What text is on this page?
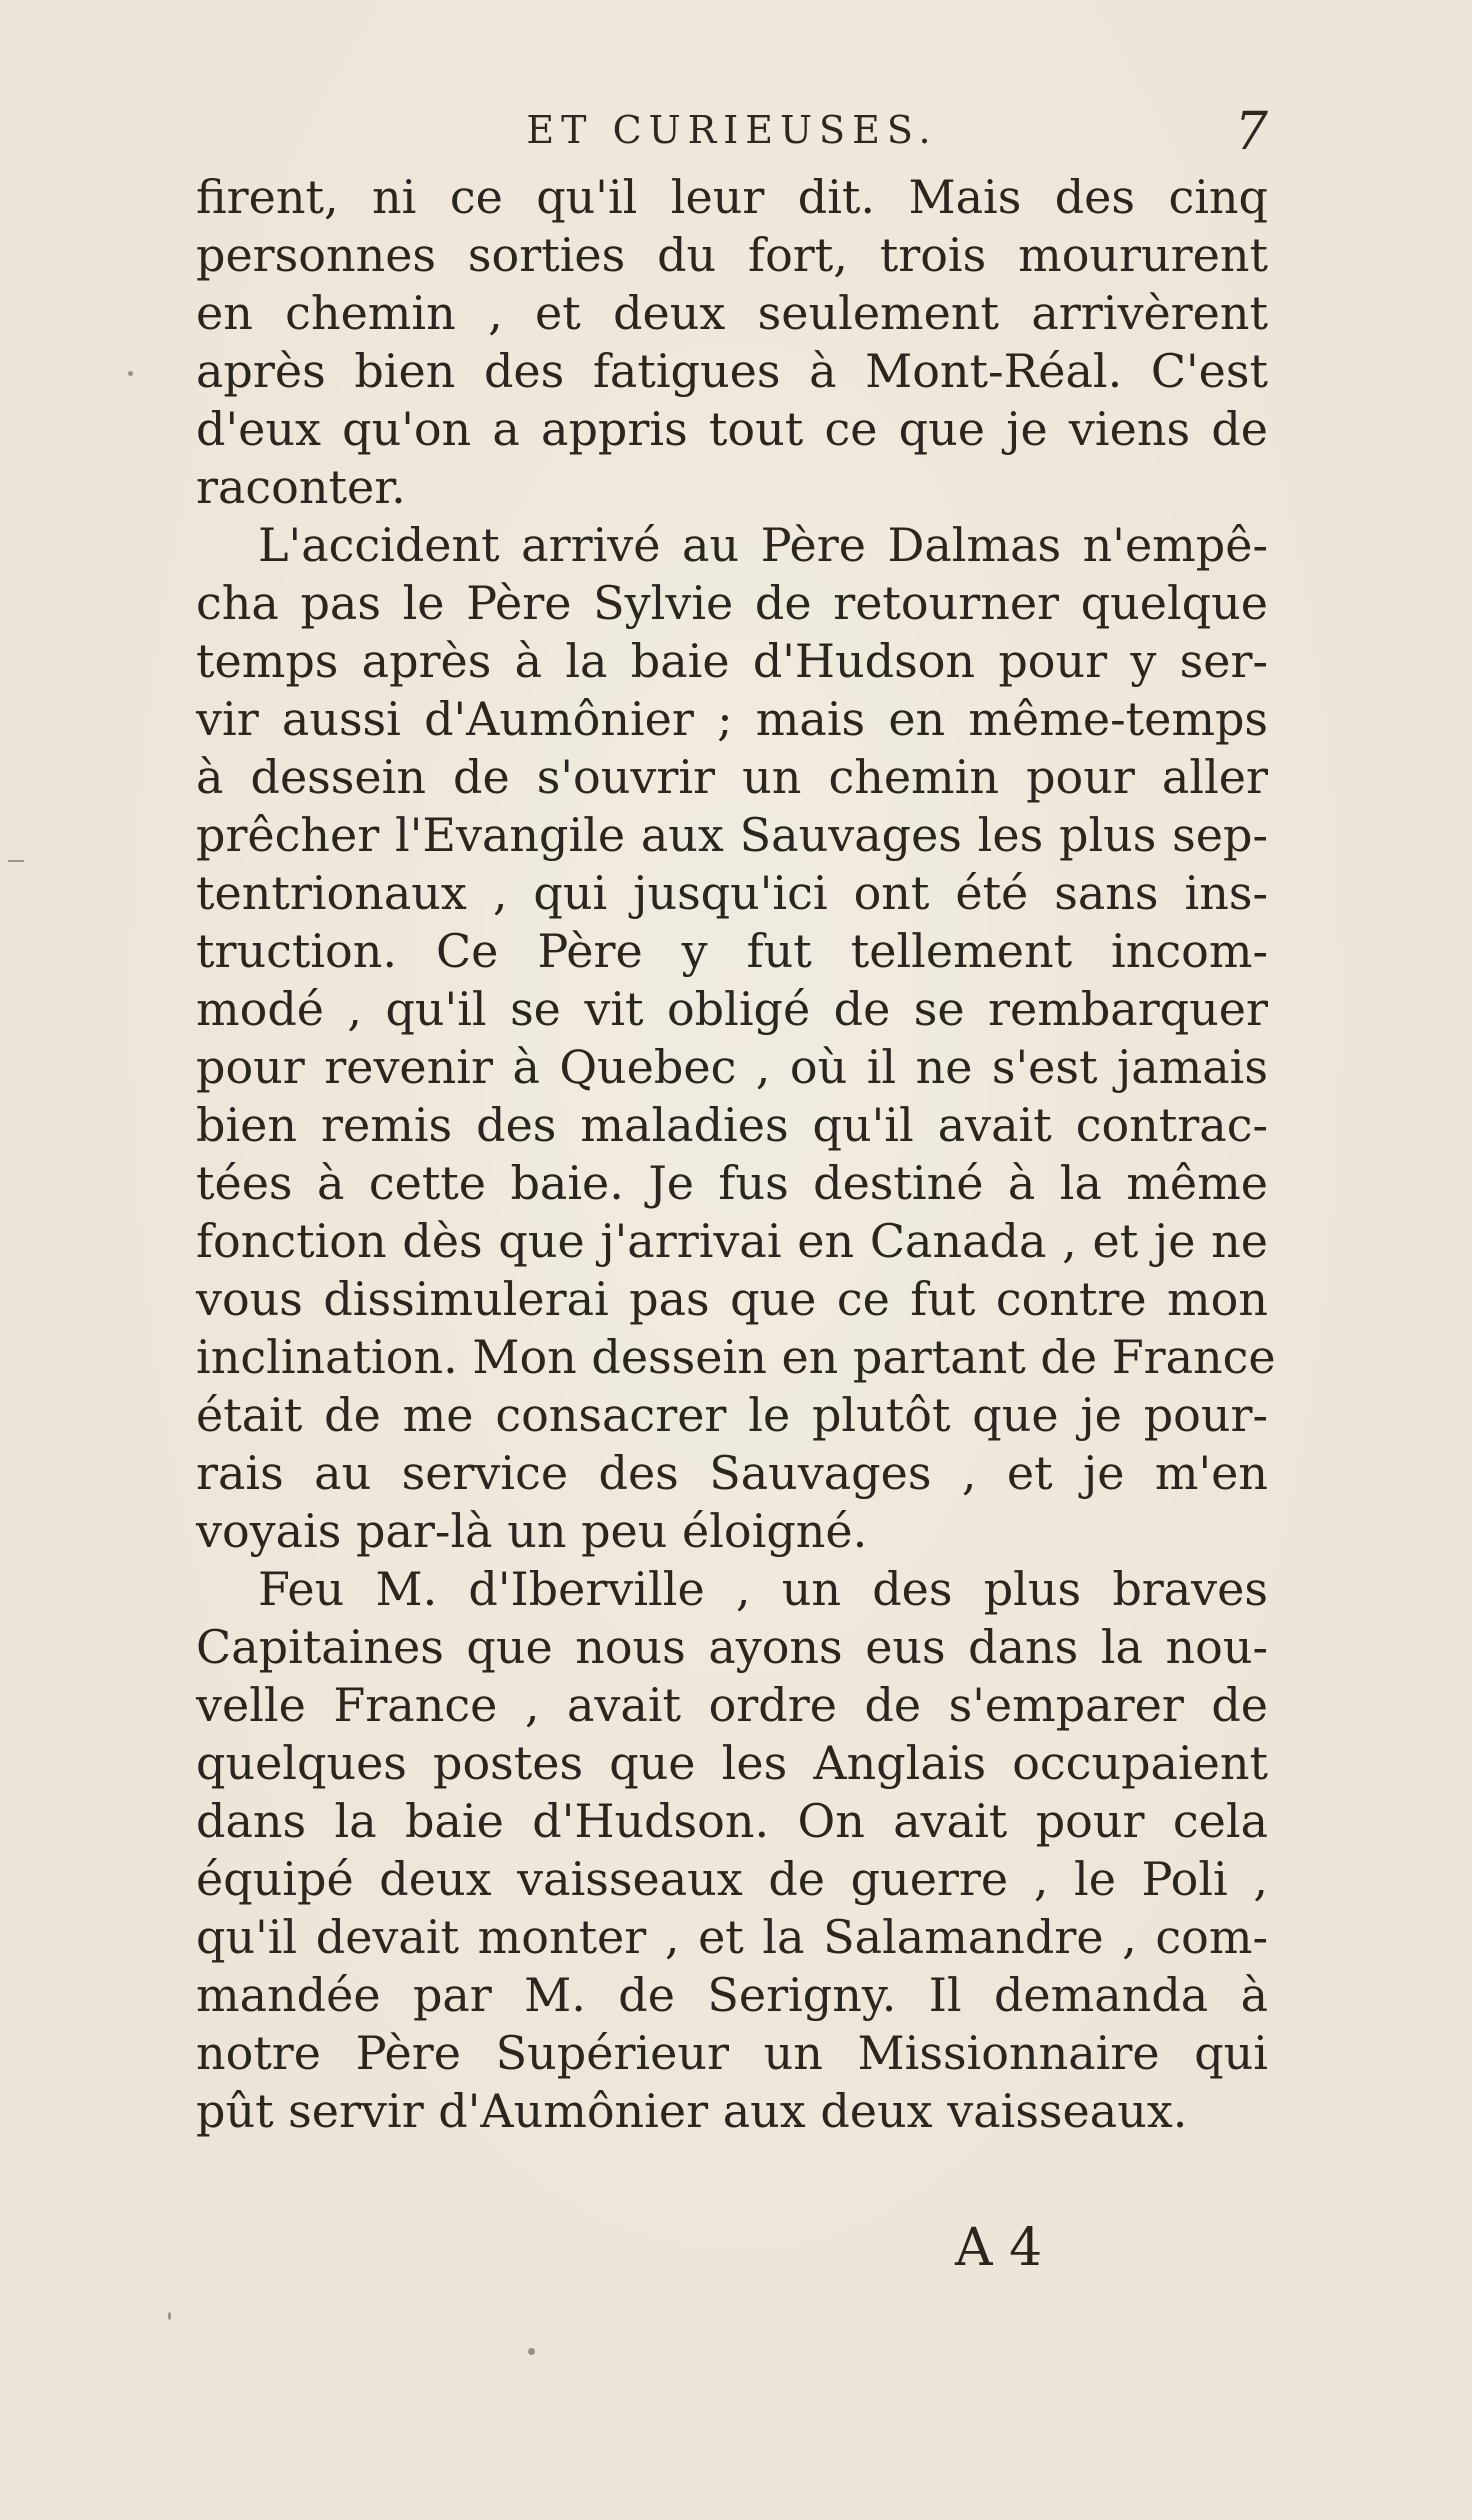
ET CURIEUSES.	7
firent, ni ce qu'il leur dit. Mais des cinq
personnes sorties du fort, trois moururent
en chemin , et deux seulement arrivèrent
après bien des fatigues à Mont-Réal. C'est
d'eux qu'on a appris tout ce que je viens de
raconter.
L'accident arrivé au Père Dalmas n'empê-
cha pas le Père Sylvie de retourner quelque
temps après à la baie d'Hudson pour y ser-
vir aussi d'Aumônier ; mais en même-temps
à dessein de s'ouvrir un chemin pour aller
prêcher l'Evangile aux Sauvages les plus sep-
tentrionaux , qui jusqu'ici ont été sans ins-
truction. Ce Père y fut tellement incom-
modé , qu'il se vit obligé de se rembarquer
pour revenir à Quebec , où il ne s'est jamais
bien remis des maladies qu'il avait contrac-
tées à cette baie. Je fus destiné à la même
fonction dès que j'arrivai en Canada , et je ne
vous dissimulerai pas que ce fut contre mon
inclination. Mon dessein en partant de France
était de me consacrer le plutôt que je pour-
rais au service des Sauvages , et je m'en
voyais par-là un peu éloigné.
Feu M. d'Iberville , un des plus braves
Capitaines que nous ayons eus dans la nou-
velle France , avait ordre de s'emparer de
quelques postes que les Anglais occupaient
dans la baie d'Hudson. On avait pour cela
équipé deux vaisseaux de guerre , le Poli ,
qu'il devait monter , et la Salamandre , com-
mandée par M. de Serigny. Il demanda à
notre Père Supérieur un Missionnaire qui
pût servir d'Aumônier aux deux vaisseaux.
A 4
